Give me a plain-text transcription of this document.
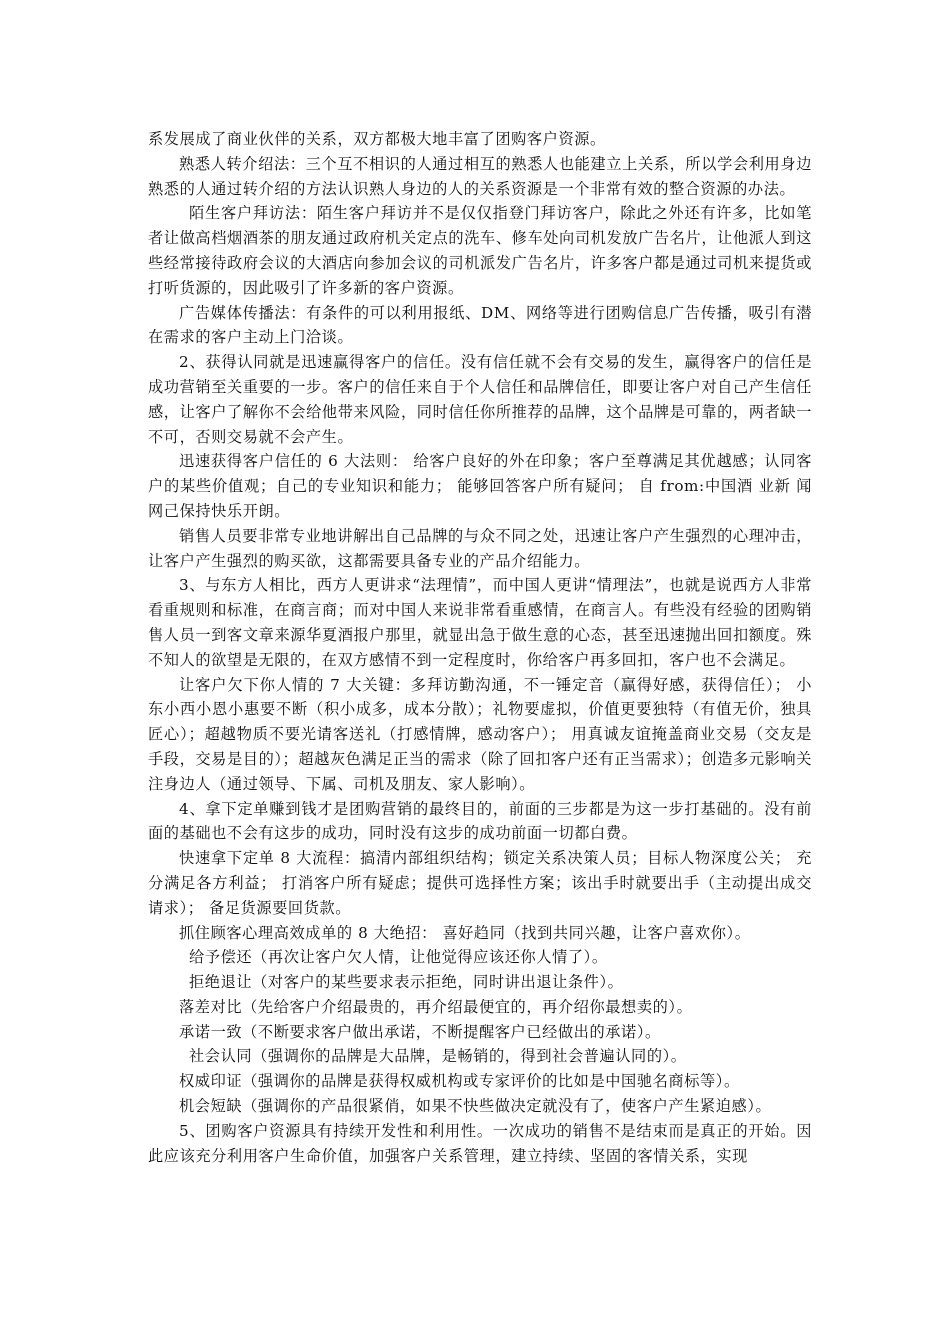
系发展成了商业伙伴的关系，双方都极大地丰富了团购客户资源。

熟悉人转介绍法：三个互不相识的人通过相互的熟悉人也能建立上关系，所以学会利用身边熟悉的人通过转介绍的方法认识熟人身边的人的关系资源是一个非常有效的整合资源的办法。

陌生客户拜访法：陌生客户拜访并不是仅仅指登门拜访客户，除此之外还有许多，比如笔者让做高档烟酒茶的朋友通过政府机关定点的洗车、修车处向司机发放广告名片，让他派人到这些经常接待政府会议的大酒店向参加会议的司机派发广告名片，许多客户都是通过司机来提货或打听货源的，因此吸引了许多新的客户资源。

广告媒体传播法：有条件的可以利用报纸、DM、网络等进行团购信息广告传播，吸引有潜在需求的客户主动上门洽谈。

2、获得认同就是迅速赢得客户的信任。没有信任就不会有交易的发生，赢得客户的信任是成功营销至关重要的一步。客户的信任来自于个人信任和品牌信任，即要让客户对自己产生信任感，让客户了解你不会给他带来风险，同时信任你所推荐的品牌，这个品牌是可靠的，两者缺一不可，否则交易就不会产生。

迅速获得客户信任的 6 大法则： 给客户良好的外在印象；客户至尊满足其优越感；认同客户的某些价值观；自己的专业知识和能力； 能够回答客户所有疑问； 自 from:中国酒 业新 闻网己保持快乐开朗。

销售人员要非常专业地讲解出自己品牌的与众不同之处，迅速让客户产生强烈的心理冲击，让客户产生强烈的购买欲，这都需要具备专业的产品介绍能力。

3、与东方人相比，西方人更讲求“法理情”，而中国人更讲“情理法”，也就是说西方人非常看重规则和标准，在商言商；而对中国人来说非常看重感情，在商言人。有些没有经验的团购销售人员一到客文章来源华夏酒报户那里，就显出急于做生意的心态，甚至迅速抛出回扣额度。殊不知人的欲望是无限的，在双方感情不到一定程度时，你给客户再多回扣，客户也不会满足。

让客户欠下你人情的 7 大关键：多拜访勤沟通，不一锤定音（赢得好感，获得信任）； 小东小西小恩小惠要不断（积小成多，成本分散）；礼物要虚拟，价值更要独特（有值无价，独具匠心）；超越物质不要光请客送礼（打感情牌，感动客户）； 用真诚友谊掩盖商业交易（交友是手段，交易是目的）；超越灰色满足正当的需求（除了回扣客户还有正当需求）；创造多元影响关注身边人（通过领导、下属、司机及朋友、家人影响）。

4、拿下定单赚到钱才是团购营销的最终目的，前面的三步都是为这一步打基础的。没有前面的基础也不会有这步的成功，同时没有这步的成功前面一切都白费。

快速拿下定单 8 大流程：搞清内部组织结构；锁定关系决策人员；目标人物深度公关； 充分满足各方利益； 打消客户所有疑虑；提供可选择性方案；该出手时就要出手（主动提出成交请求）； 备足货源要回货款。

抓住顾客心理高效成单的 8 大绝招： 喜好趋同（找到共同兴趣，让客户喜欢你）。

给予偿还（再次让客户欠人情，让他觉得应该还你人情了）。

拒绝退让（对客户的某些要求表示拒绝，同时讲出退让条件）。

落差对比（先给客户介绍最贵的，再介绍最便宜的，再介绍你最想卖的）。

承诺一致（不断要求客户做出承诺，不断提醒客户已经做出的承诺）。

社会认同（强调你的品牌是大品牌，是畅销的，得到社会普遍认同的）。

权威印证（强调你的品牌是获得权威机构或专家评价的比如是中国驰名商标等）。

机会短缺（强调你的产品很紧俏，如果不快些做决定就没有了，使客户产生紧迫感）。

5、团购客户资源具有持续开发性和利用性。一次成功的销售不是结束而是真正的开始。因此应该充分利用客户生命价值，加强客户关系管理，建立持续、坚固的客情关系，实现
